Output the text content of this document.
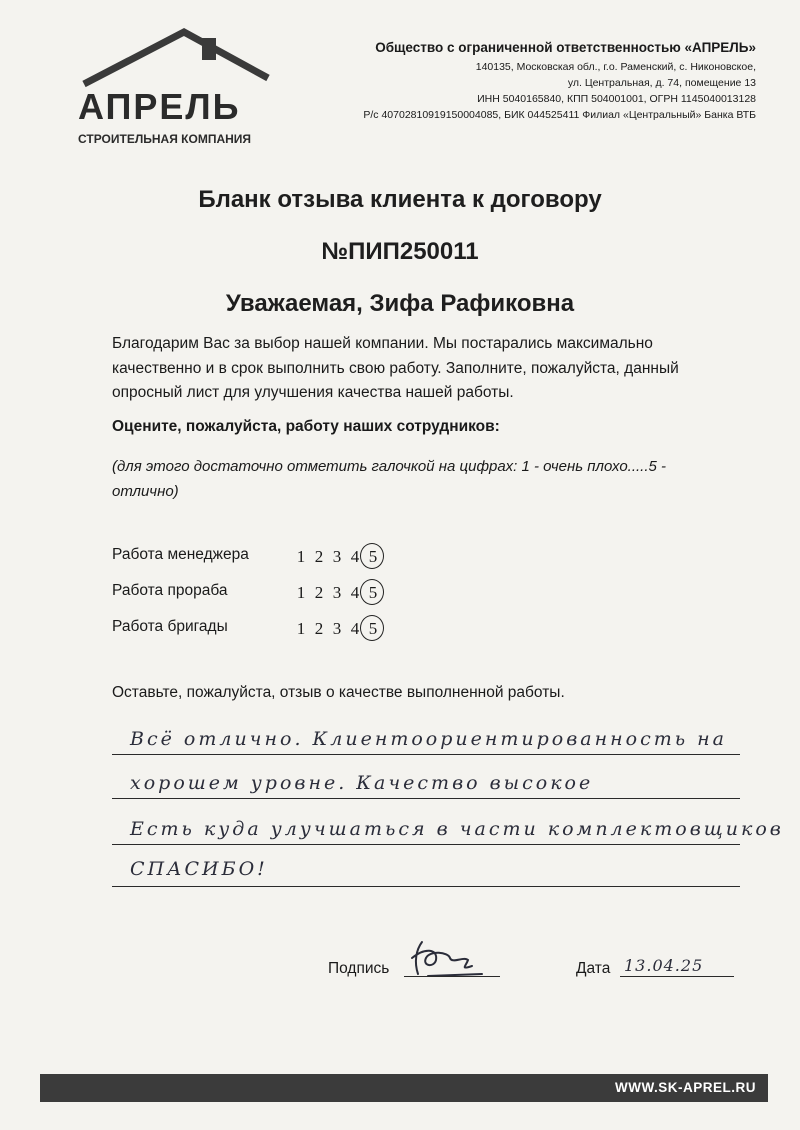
АПРЕЛЬ
СТРОИТЕЛЬНАЯ КОМПАНИЯ
Общество с ограниченной ответственностью «АПРЕЛЬ»
140135, Московская обл., г.о. Раменский, с. Никоновское,
ул. Центральная, д. 74, помещение 13
ИНН 5040165840, КПП 504001001, ОГРН 1145040013128
Р/с 40702810919150004085, БИК 044525411 Филиал «Центральный» Банка ВТБ
Бланк отзыва клиента к договору
№ПИП250011
Уважаемая, Зифа Рафиковна
Благодарим Вас за выбор нашей компании. Мы постарались максимально качественно и в срок выполнить свою работу. Заполните, пожалуйста, данный опросный лист для улучшения качества нашей работы.
Оцените, пожалуйста, работу наших сотрудников:
(для этого достаточно отметить галочкой на цифрах: 1 - очень плохо.....5 - отлично)
Работа менеджера	1 2 3 4 5
Работа прораба	1 2 3 4 5
Работа бригады	1 2 3 4 5
Оставьте, пожалуйста, отзыв о качестве выполненной работы.
Всё отлично. Клиентоориентированность на
хорошем уровне. Качество высокое
Есть куда улучшаться в части комплектовщиков
СПАСИБО!
Подпись	Дата 13.04.25
WWW.SK-APREL.RU
